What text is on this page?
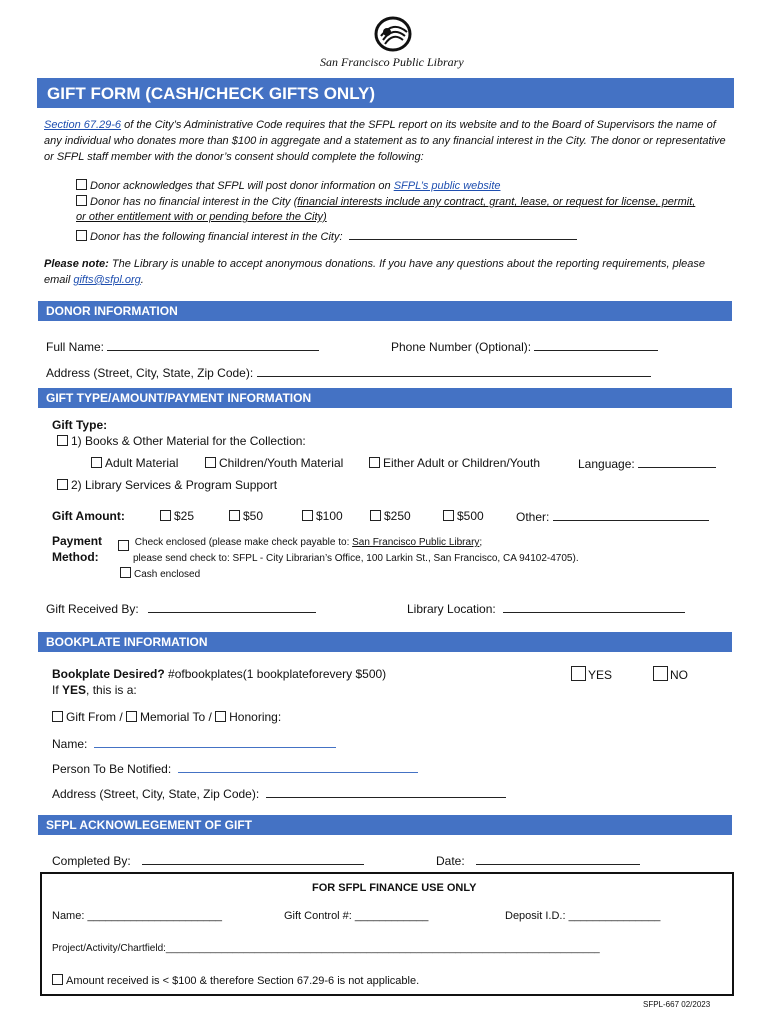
San Francisco Public Library
GIFT FORM (CASH/CHECK GIFTS ONLY)
Section 67.29-6 of the City’s Administrative Code requires that the SFPL report on its website and to the Board of Supervisors the name of any individual who donates more than $100 in aggregate and a statement as to any financial interest in the City. The donor or representative or SFPL staff member with the donor’s consent should complete the following:
Donor acknowledges that SFPL will post donor information on SFPL’s public website
Donor has no financial interest in the City (financial interests include any contract, grant, lease, or request for license, permit,
or other entitlement with or pending before the City)
Donor has the following financial interest in the City:
Please note: The Library is unable to accept anonymous donations. If you have any questions about the reporting requirements, please email gifts@sfpl.org.
DONOR INFORMATION
Full Name:	Phone Number (Optional):
Address (Street, City, State, Zip Code):
GIFT TYPE/AMOUNT/PAYMENT INFORMATION
Gift Type:
1) Books & Other Material for the Collection:
Adult Material	Children/Youth Material	Either Adult or Children/Youth	Language:
2) Library Services & Program Support
Gift Amount:	$25	$50	$100	$250	$500	Other:
Payment
Method:
Check enclosed (please make check payable to: San Francisco Public Library;
please send check to: SFPL - City Librarian’s Office, 100 Larkin St., San Francisco, CA 94102-4705).
Cash enclosed
Gift Received By:	Library Location:
BOOKPLATE INFORMATION
Bookplate Desired? #ofbookplates(1 bookplateforevery $500)	YES	NO
If YES, this is a:
Gift From / Memorial To / Honoring:
Name:
Person To Be Notified:
Address (Street, City, State, Zip Code):
SFPL ACKNOWLEGEMENT OF GIFT
Completed By:	Date:
FOR SFPL FINANCE USE ONLY
Name: ______________________	Gift Control #: ____________	Deposit I.D.: _______________
Project/Activity/Chartfield:______________________________________________________________________________
Amount received is < $100 & therefore Section 67.29-6 is not applicable.
SFPL-667 02/2023
